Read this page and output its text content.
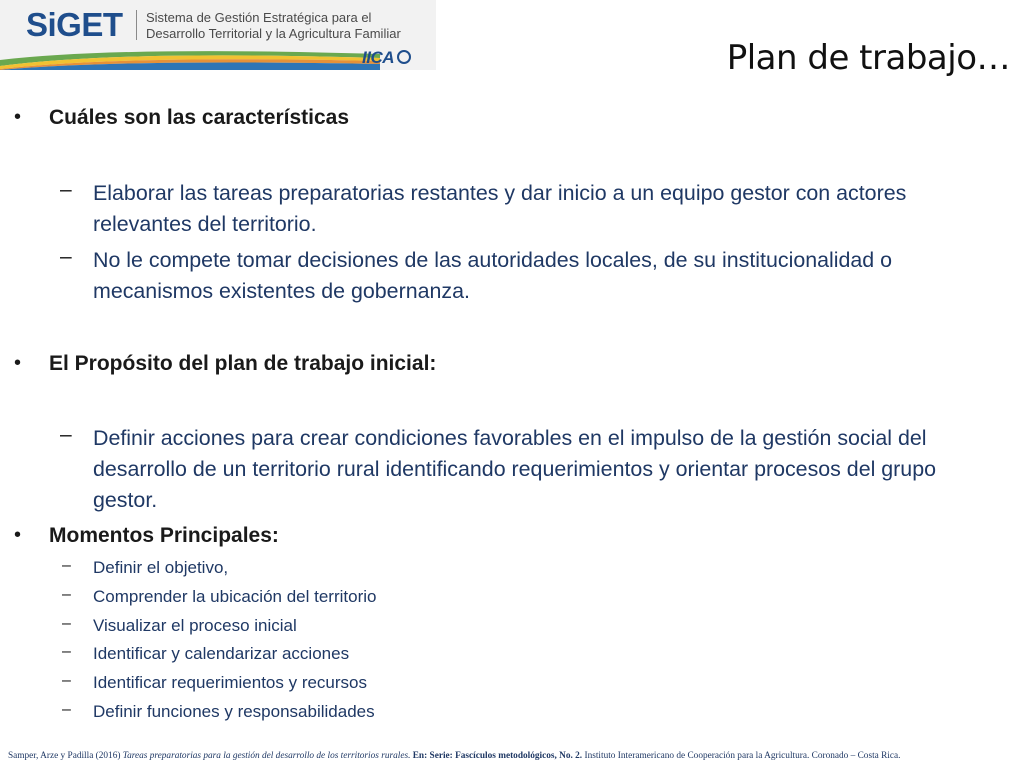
SiGET Sistema de Gestión Estratégica para el
Desarrollo Territorial y la Agricultura Familiar
IICA	Plan de trabajo…
• Cuáles son las características
– Elaborar las tareas preparatorias restantes y dar inicio a un equipo gestor con actores relevantes del territorio.
– No le compete tomar decisiones de las autoridades locales, de su institucionalidad o mecanismos existentes de gobernanza.
• El Propósito del plan de trabajo inicial:
– Definir acciones para crear condiciones favorables en el impulso de la gestión social del desarrollo de un territorio rural identificando requerimientos y orientar procesos del grupo gestor.
• Momentos Principales:
– Definir el objetivo,
– Comprender la ubicación del territorio
– Visualizar el proceso inicial
– Identificar y calendarizar acciones
– Identificar requerimientos y recursos
– Definir funciones y responsabilidades
Samper, Arze y Padilla (2016) Tareas preparatorias para la gestión del desarrollo de los territorios rurales. En: Serie: Fascículos metodológicos, No. 2. Instituto Interamericano de Cooperación para la Agricultura. Coronado – Costa Rica.
